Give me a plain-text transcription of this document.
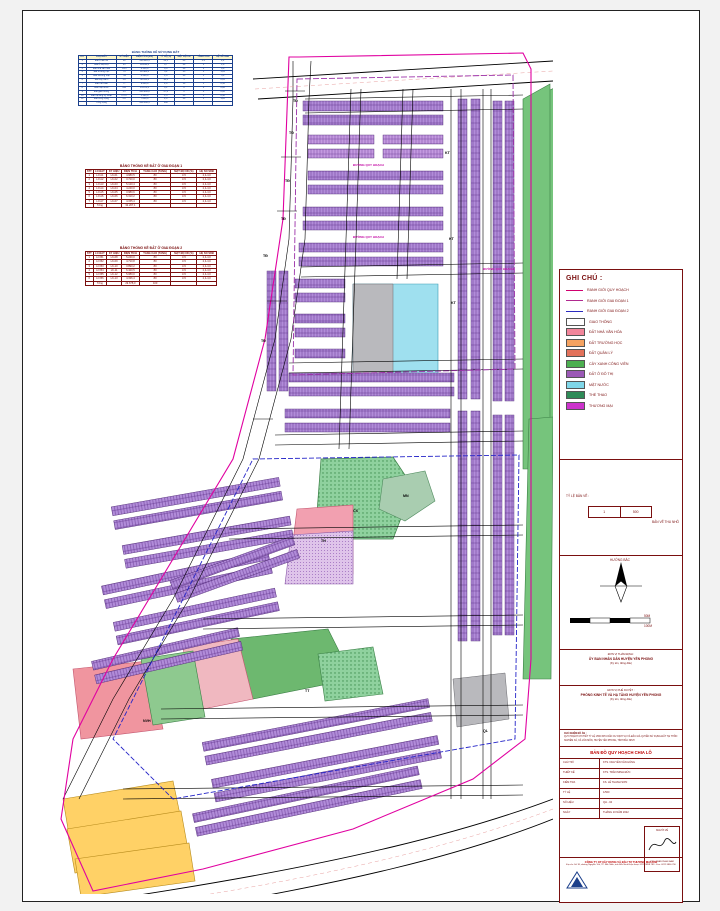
TĐ
TĐ
TĐ
TĐ
TĐ
TĐ
KT
KT
KT
CX
MN
TH
TT
NVH
QL
ĐƯỜNG QUY HOẠCH
ĐƯỜNG QUY HOẠCH
ĐƯỜNG QUY HOẠCH
BẢNG THỐNG KÊ SỬ DỤNG ĐẤT
STT	LOẠI ĐẤT	KÝ HIỆU	DIỆN TÍCH (m2)	TỶ LỆ (%)	MẬT ĐỘ XD	TẦNG CAO	HỆ SỐ SDĐ
1	Đất ở liền kề	LK	125.420,5	32,5	80	3-5	2,4
2	Đất ở biệt thự	BT	18.240,0	4,7	60	3	1,8
3	Đất nhà văn hóa	NVH	2.150,0	0,6	40	2	0,8
4	Đất trường học	TH	12.480,0	3,2	35	3	1,05
5	Đất thương mại	TM	6.320,0	1,6	60	5	3,0
6	Đất cây xanh	CX	38.650,0	10,0	5	1	0,05
7	Đất thể thao	TT	9.430,0	2,4	10	1	0,10
8	Đất mặt nước	MN	15.870,0	4,1	0	0	0,00
9	Đất giao thông	GT	145.260,0	37,6	0	0	0,00
10	Đất hạ tầng kỹ thuật	HTKT	5.120,0	1,3	40	1	0,40
11	Đất công cộng	CC	7.640,0	2,0	40	3	1,20
	Tổng cộng		386.580,5	100			
BẢNG THỐNG KÊ ĐẤT Ở GIAI ĐOẠN 1
STT	LÔ ĐẤT	KÝ HIỆU	DIỆN TÍCH	TẦNG CAO (TẦNG)	MẬT ĐỘ XD (%)	HỆ SỐ SDĐ
1	LÔ A1	LK-01	4.680,5	80	3-5	2,4-4,0
2	LÔ A2	LK-02	3.720,0	80	3-5	2,4-4,0
3	LÔ A3	LK-03	5.120,4	80	3-5	2,4-4,0
4	LÔ A4	LK-04	4.240,0	80	3-5	2,4-4,0
5	LÔ A5	LK-05	3.980,6	80	3-5	2,4-4,0
6	LÔ A6	LK-06	6.310,2	80	3-5	2,4-4,0
7	LÔ A7	LK-07	4.155,4	80	3-5	2,4-4,0
	Tổng		32.207,1			
BẢNG THỐNG KÊ ĐẤT Ở GIAI ĐOẠN 2
STT	LÔ ĐẤT	KÝ HIỆU	DIỆN TÍCH	TẦNG CAO (TẦNG)	MẬT ĐỘ XD (%)	HỆ SỐ SDĐ
1	LÔ B1	LK-08	5.240,0	80	3-5	2,4-4,0
2	LÔ B2	LK-09	4.710,8	80	3-5	2,4-4,0
3	LÔ B3	LK-10	3.890,2	80	3-5	2,4-4,0
4	LÔ B4	LK-11	6.420,5	80	3-5	2,4-4,0
5	LÔ B5	LK-12	5.080,0	80	3-5	2,4-4,0
6	LÔ B6	LK-13	4.336,4	80	3-5	2,4-4,0
	Tổng		29.678,0	100		
GHI CHÚ :
RANH GIỚI QUY HOẠCH
RANH GIỚI GIAI ĐOẠN 1
RANH GIỚI GIAI ĐOẠN 2
GIAO THÔNG
ĐẤT NHÀ VĂN HÓA
ĐẤT TRƯỜNG HỌC
ĐẤT QUẢN LÝ
CÂY XANH CÔNG VIÊN
ĐẤT Ở ĐÔ THỊ
MẶT NƯỚC
THỂ THAO
THƯƠNG MẠI
TỶ LỆ BẢN VẼ :
1	500
BẢN VẼ THU NHỎ
HƯỚNG BẮC
50M
100M
ĐƠN VỊ THẨM ĐỊNH :
ỦY BAN NHÂN DÂN HUYỆN YÊN PHONG
(Ký tên, đóng dấu)
ĐƠN VỊ PHÊ DUYỆT :
PHÒNG KINH TẾ VÀ HẠ TẦNG HUYỆN YÊN PHONG
(Ký tên, đóng dấu)
CHỦ NHIỆM ĐỒ ÁN :
QUY HOẠCH CHI TIẾT TỶ LỆ 1/500 KHU DÂN CƯ DỊCH VỤ VÀ ĐẤU GIÁ QUYỀN SỬ DỤNG ĐẤT TẠI THÔN NGHIÊM XÁ, XÃ VĂN MÔN, HUYỆN YÊN PHONG, TỈNH BẮC NINH
BẢN ĐỒ QUY HOẠCH CHIA LÔ
CHỦ TRÌ	KTS. NGUYỄN VĂN HÙNG
THIẾT KẾ	KTS. TRẦN MINH ĐỨC
KIỂM TRA	KS. LÊ THANH SƠN
TỶ LỆ	1/500
SỐ HIỆU	QH - 04
NGÀY	THÁNG 10 NĂM 2022
NGƯỜI VẼ
KTS. TRẦN PHAN NAM
CÔNG TY CP XÂY DỰNG VÀ ĐẦU TƯ THƯƠNG MẠI ACĐ
Địa chỉ: Số 18, đường Nguyễn Trãi, TP. Bắc Ninh, tỉnh Bắc Ninh Điện thoại: 0222.3856.789 - Fax: 0222.3856.790
